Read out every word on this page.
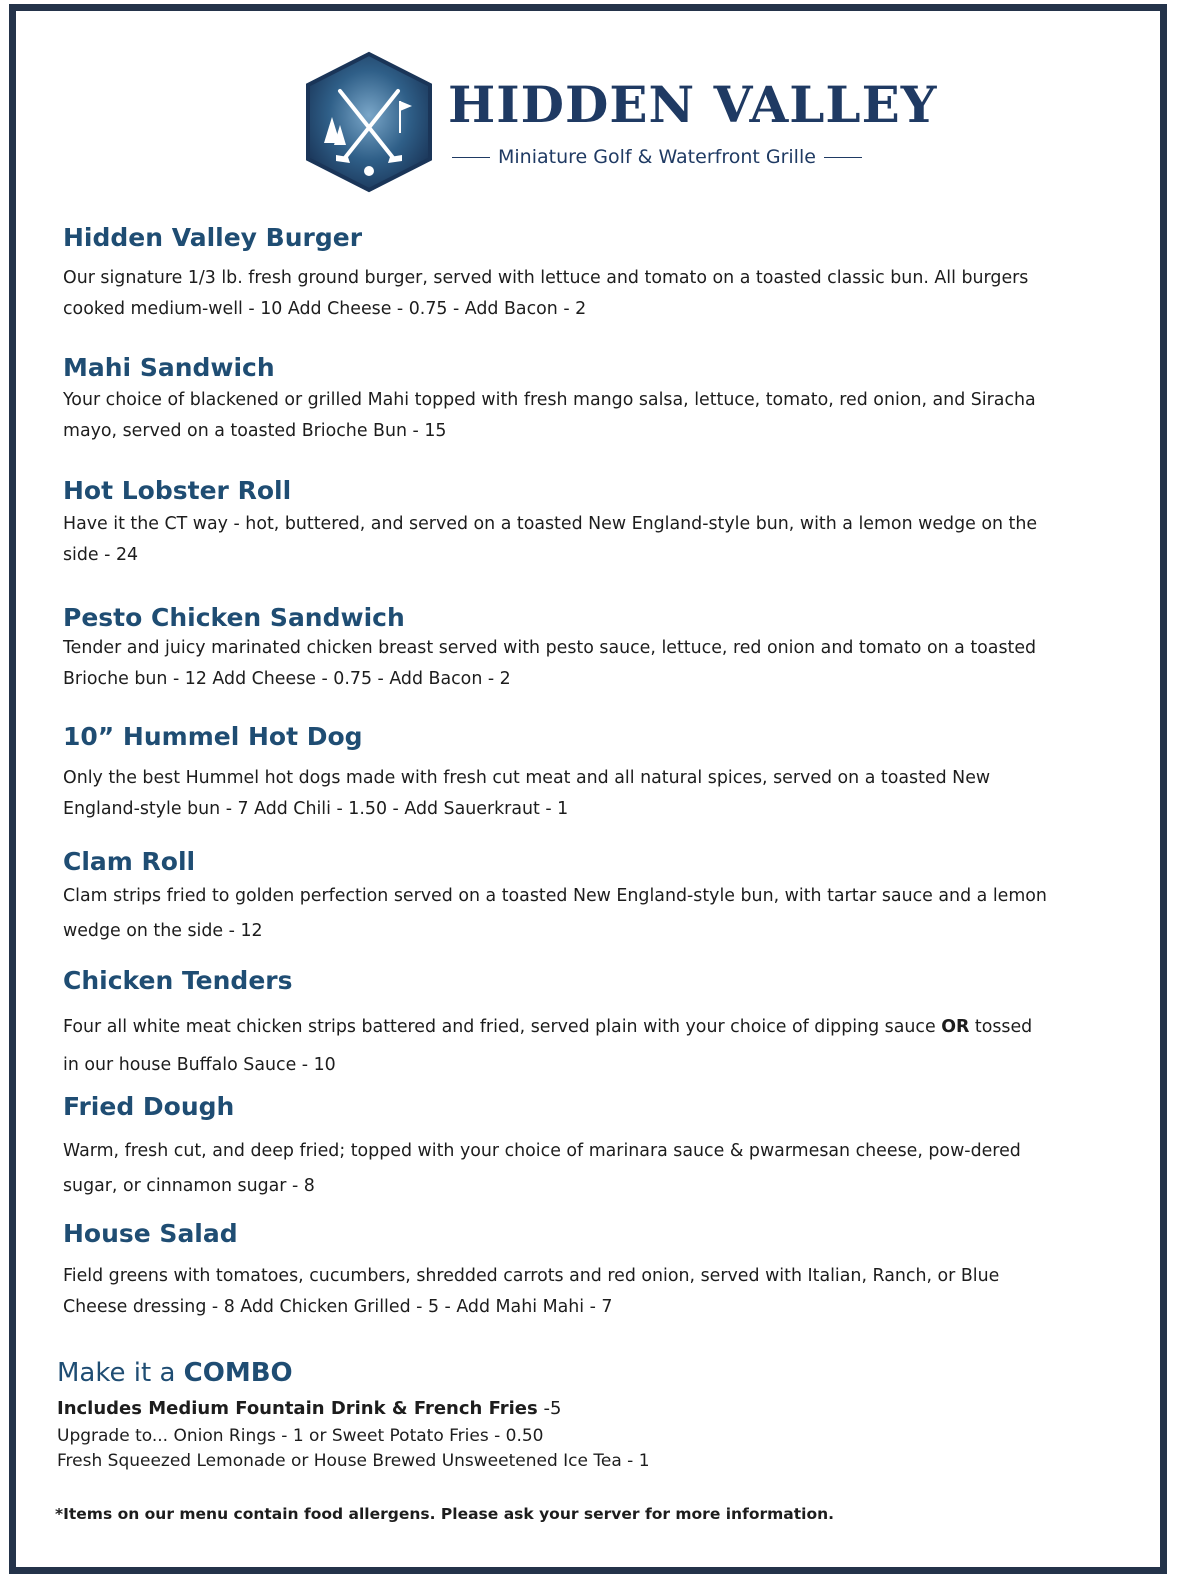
HIDDEN VALLEY
Miniature Golf & Waterfront Grille
Hidden Valley Burger

Our signature 1/3 lb. fresh ground burger, served with lettuce and tomato on a toasted classic bun. All burgers cooked medium-well - 10 Add Cheese - 0.75 - Add Bacon - 2

Mahi Sandwich

Your choice of blackened or grilled Mahi topped with fresh mango salsa, lettuce, tomato, red onion, and Siracha mayo, served on a toasted Brioche Bun - 15

Hot Lobster Roll

Have it the CT way - hot, buttered, and served on a toasted New England-style bun, with a lemon wedge on the side - 24

Pesto Chicken Sandwich

Tender and juicy marinated chicken breast served with pesto sauce, lettuce, red onion and tomato on a toasted Brioche bun - 12 Add Cheese - 0.75 - Add Bacon - 2

10” Hummel Hot Dog

Only the best Hummel hot dogs made with fresh cut meat and all natural spices, served on a toasted New England-style bun - 7 Add Chili - 1.50 - Add Sauerkraut - 1

Clam Roll

Clam strips fried to golden perfection served on a toasted New England-style bun, with tartar sauce and a lemon wedge on the side - 12

Chicken Tenders

Four all white meat chicken strips battered and fried, served plain with your choice of dipping sauce OR tossed in our house Buffalo Sauce - 10

Fried Dough

Warm, fresh cut, and deep fried; topped with your choice of marinara sauce & pwarmesan cheese, pow-dered sugar, or cinnamon sugar - 8

House Salad

Field greens with tomatoes, cucumbers, shredded carrots and red onion, served with Italian, Ranch, or Blue Cheese dressing - 8 Add Chicken Grilled - 5 - Add Mahi Mahi - 7

Make it a COMBO
Includes Medium Fountain Drink & French Fries -5
Upgrade to... Onion Rings - 1 or Sweet Potato Fries - 0.50
Fresh Squeezed Lemonade or House Brewed Unsweetened Ice Tea - 1
*Items on our menu contain food allergens. Please ask your server for more information.
